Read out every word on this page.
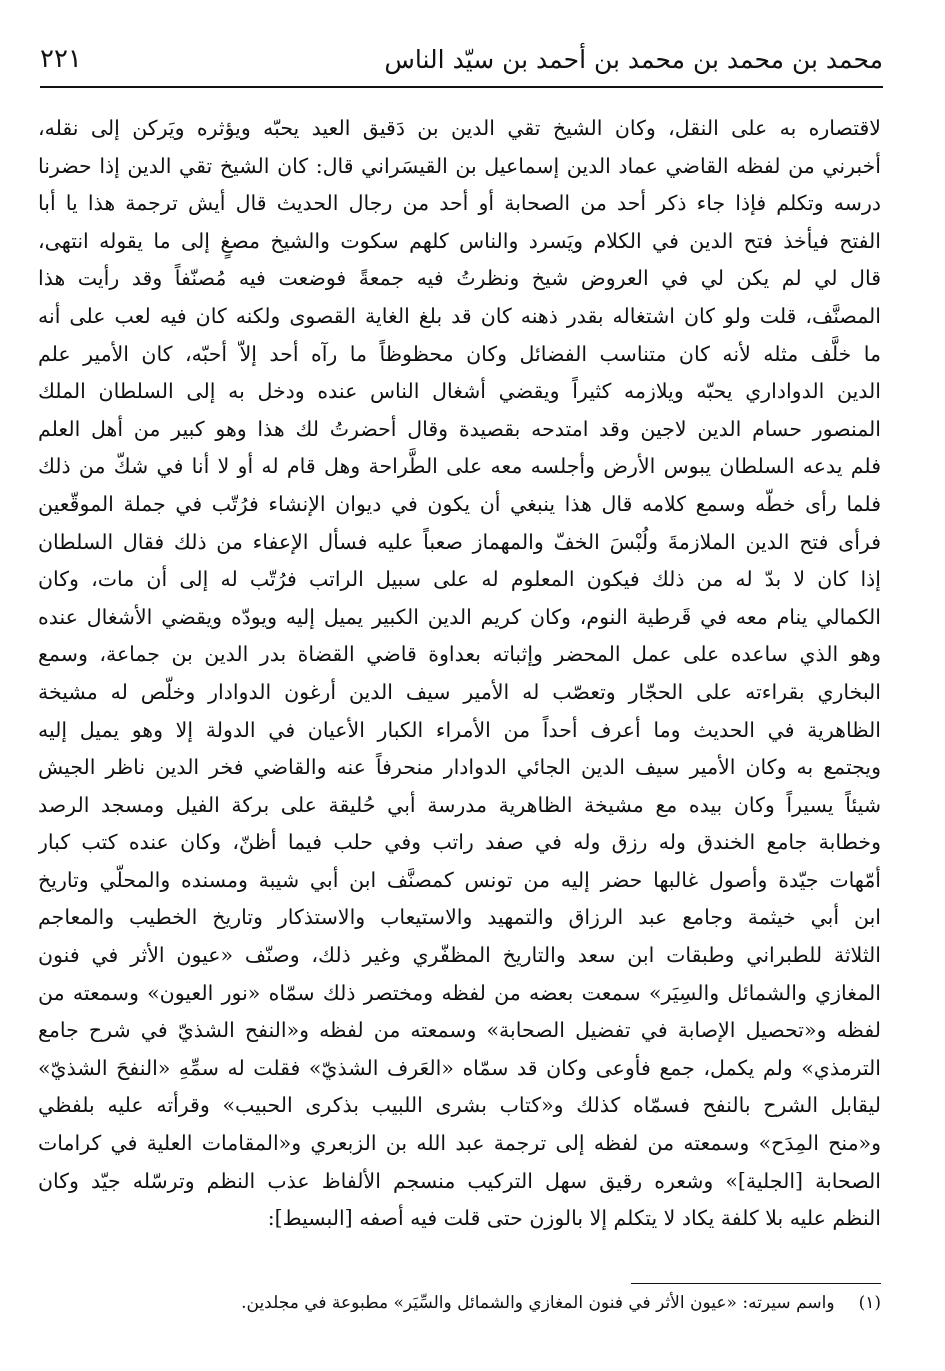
محمد بن محمد بن محمد بن أحمد بن سيّد الناس
٢٢١
لاقتصاره به على النقل، وكان الشيخ تقي الدين بن دَقيق العيد يحبّه ويؤثره ويَركن إلى نقله،
أخبرني من لفظه القاضي عماد الدين إسماعيل بن القيسَراني قال: كان الشيخ تقي الدين إذا حضرنا
درسه وتكلم فإذا جاء ذكر أحد من الصحابة أو أحد من رجال الحديث قال أيش ترجمة هذا يا أبا
الفتح فيأخذ فتح الدين في الكلام ويَسرد والناس كلهم سكوت والشيخ مصغٍ إلى ما يقوله انتهى،
قال لي لم يكن لي في العروض شيخ ونظرتُ فيه جمعةً فوضعت فيه مُصنّفاً وقد رأيت هذا
المصنَّف، قلت ولو كان اشتغاله بقدر ذهنه كان قد بلغ الغاية القصوى ولكنه كان فيه لعب على أنه
ما خلَّف مثله لأنه كان متناسب الفضائل وكان محظوظاً ما رآه أحد إلاّ أحبّه، كان الأمير علم
الدين الدواداري يحبّه ويلازمه كثيراً ويقضي أشغال الناس عنده ودخل به إلى السلطان الملك
المنصور حسام الدين لاجين وقد امتدحه بقصيدة وقال أحضرتُ لك هذا وهو كبير من أهل العلم
فلم يدعه السلطان يبوس الأرض وأجلسه معه على الطَّراحة وهل قام له أو لا أنا في شكّ من ذلك
فلما رأى خطّه وسمع كلامه قال هذا ينبغي أن يكون في ديوان الإنشاء فرُتّب في جملة الموقّعين
فرأى فتح الدين الملازمةَ ولُبْسَ الخفّ والمهماز صعباً عليه فسأل الإعفاء من ذلك فقال السلطان
إذا كان لا بدّ له من ذلك فيكون المعلوم له على سبيل الراتب فرُتّب له إلى أن مات، وكان
الكمالي ينام معه في قَرطية النوم، وكان كريم الدين الكبير يميل إليه ويودّه ويقضي الأشغال عنده
وهو الذي ساعده على عمل المحضر وإثباته بعداوة قاضي القضاة بدر الدين بن جماعة، وسمع
البخاري بقراءته على الحجّار وتعصّب له الأمير سيف الدين أرغون الدوادار وخلّص له مشيخة
الظاهرية في الحديث وما أعرف أحداً من الأمراء الكبار الأعيان في الدولة إلا وهو يميل إليه
ويجتمع به وكان الأمير سيف الدين الجائي الدوادار منحرفاً عنه والقاضي فخر الدين ناظر الجيش
شيئاً يسيراً وكان بيده مع مشيخة الظاهرية مدرسة أبي حُليقة على بركة الفيل ومسجد الرصد
وخطابة جامع الخندق وله رزق وله في صفد راتب وفي حلب فيما أظنّ، وكان عنده كتب كبار
أمّهات جيّدة وأصول غالبها حضر إليه من تونس كمصنَّف ابن أبي شيبة ومسنده والمحلّي وتاريخ
ابن أبي خيثمة وجامع عبد الرزاق والتمهيد والاستيعاب والاستذكار وتاريخ الخطيب والمعاجم
الثلاثة للطبراني وطبقات ابن سعد والتاريخ المظفّري وغير ذلك، وصنّف «عيون الأثر في فنون
المغازي والشمائل والسِيَر» سمعت بعضه من لفظه ومختصر ذلك سمّاه «نور العيون» وسمعته من
لفظه و«تحصيل الإصابة في تفضيل الصحابة» وسمعته من لفظه و«النفح الشذيّ في شرح جامع
الترمذي» ولم يكمل، جمع فأوعى وكان قد سمّاه «العَرف الشذيّ» فقلت له سمِّهِ «النفحَ الشذيّ»
ليقابل الشرح بالنفح فسمّاه كذلك و«كتاب بشرى اللبيب بذكرى الحبيب» وقرأته عليه بلفظي
و«منح المِدَح» وسمعته من لفظه إلى ترجمة عبد الله بن الزبعري و«المقامات العلية في كرامات
الصحابة [الجلية]» وشعره رقيق سهل التركيب منسجم الألفاظ عذب النظم وترسّله جيّد وكان
النظم عليه بلا كلفة يكاد لا يتكلم إلا بالوزن حتى قلت فيه أصفه [البسيط]:
(١)واسم سيرته: «عيون الأثر في فنون المغازي والشمائل والسِّيَر» مطبوعة في مجلدين.
